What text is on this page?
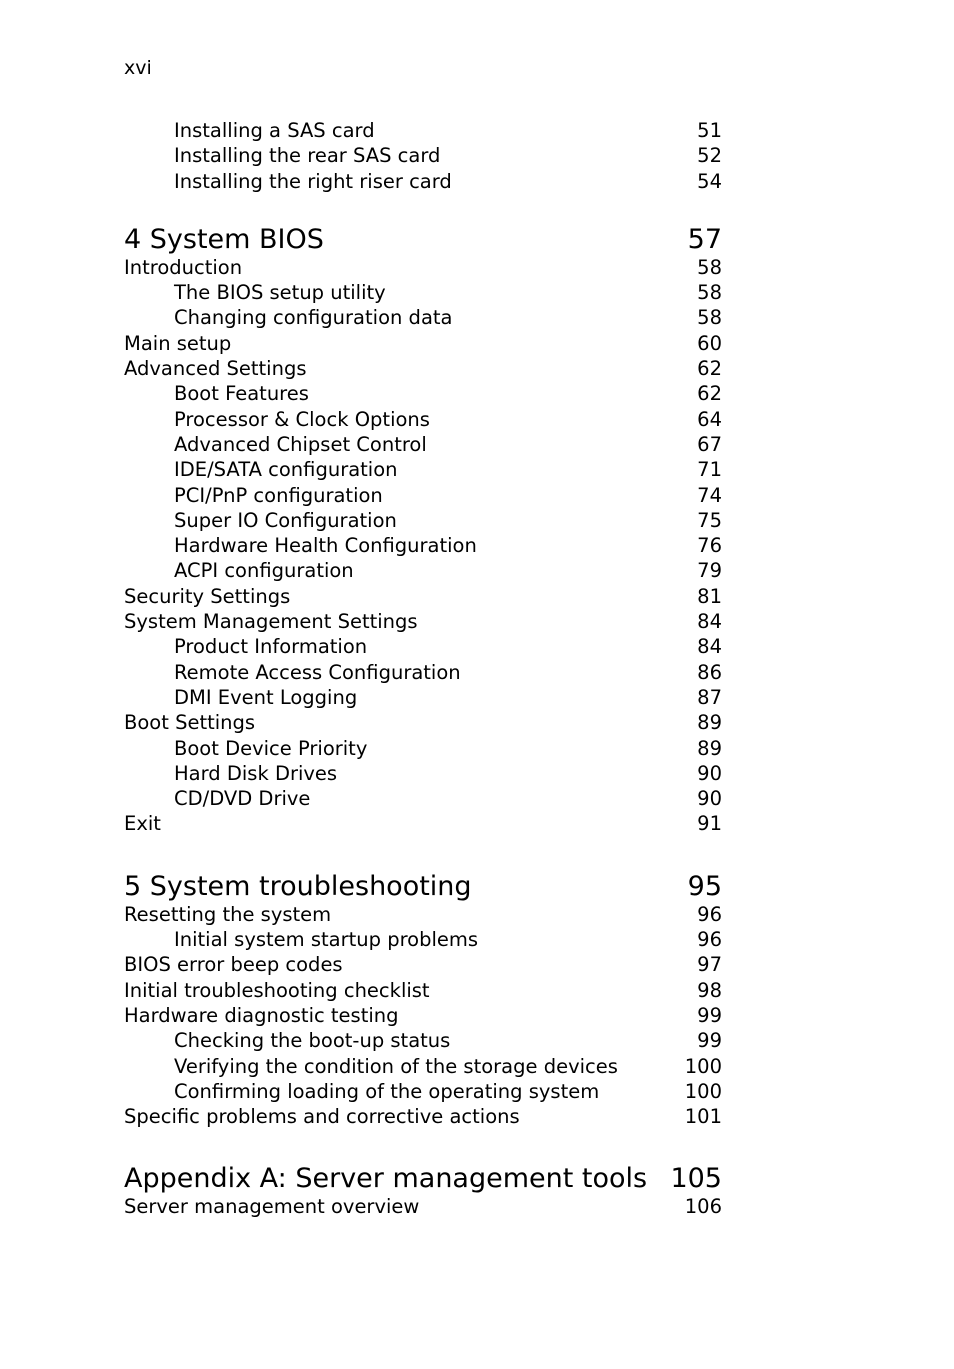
xvi
Installing a SAS card	51
Installing the rear SAS card	52
Installing the right riser card	54
4 System BIOS	57
Introduction	58
The BIOS setup utility	58
Changing configuration data	58
Main setup	60
Advanced Settings	62
Boot Features	62
Processor & Clock Options	64
Advanced Chipset Control	67
IDE/SATA configuration	71
PCI/PnP configuration	74
Super IO Configuration	75
Hardware Health Configuration	76
ACPI configuration	79
Security Settings	81
System Management Settings	84
Product Information	84
Remote Access Configuration	86
DMI Event Logging	87
Boot Settings	89
Boot Device Priority	89
Hard Disk Drives	90
CD/DVD Drive	90
Exit	91
5 System troubleshooting	95
Resetting the system	96
Initial system startup problems	96
BIOS error beep codes	97
Initial troubleshooting checklist	98
Hardware diagnostic testing	99
Checking the boot-up status	99
Verifying the condition of the storage devices	100
Confirming loading of the operating system	100
Specific problems and corrective actions	101
Appendix A: Server management tools 105
Server management overview	106
